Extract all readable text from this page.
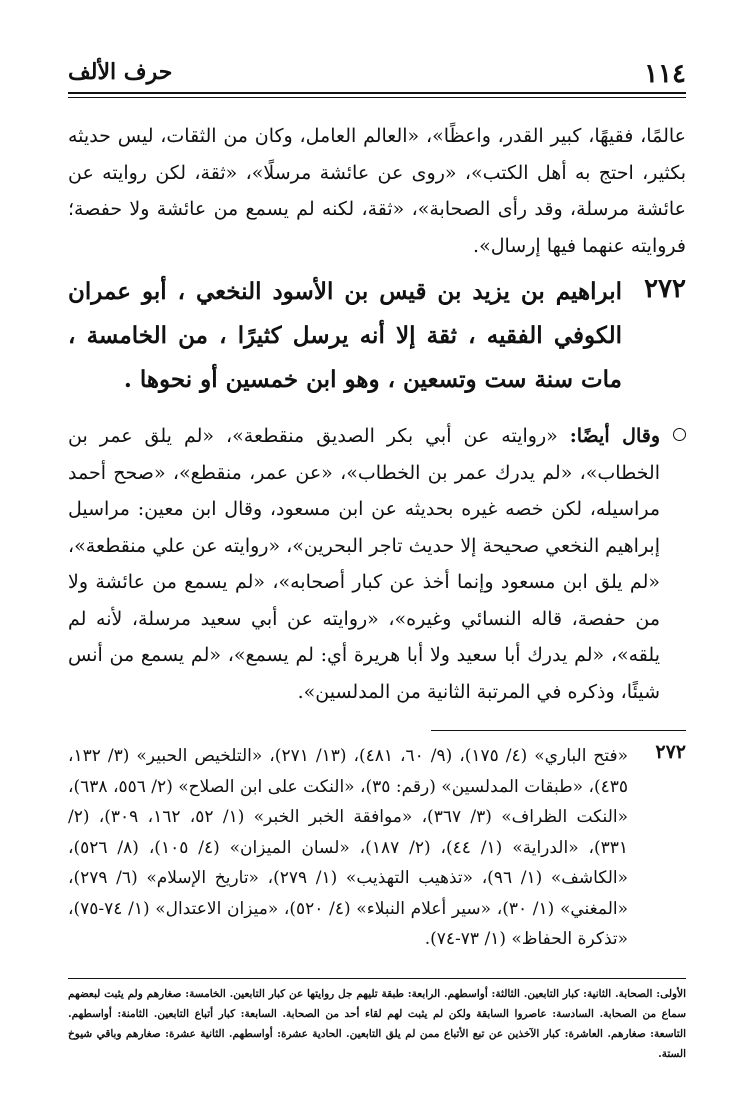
١١٤
حرف الألف
عالمًا، فقيهًا، كبير القدر، واعظًا»، «العالم العامل، وكان من الثقات، ليس حديثه بكثير، احتج به أهل الكتب»، «روى عن عائشة مرسلًا»، «ثقة، لكن روايته عن عائشة مرسلة، وقد رأى الصحابة»، «ثقة، لكنه لم يسمع من عائشة ولا حفصة؛ فروايته عنهما فيها إرسال».
٢٧٢
ابراهيم بن يزيد بن قيس بن الأسود النخعي ، أبو عمران الكوفي الفقيه ، ثقة إلا أنه يرسل كثيرًا ، من الخامسة ، مات سنة ست وتسعين ، وهو ابن خمسين أو نحوها .
وقال أيضًا: «روايته عن أبي بكر الصديق منقطعة»، «لم يلق عمر بن الخطاب»، «لم يدرك عمر بن الخطاب»، «عن عمر، منقطع»، «صحح أحمد مراسيله، لكن خصه غيره بحديثه عن ابن مسعود، وقال ابن معين: مراسيل إبراهيم النخعي صحيحة إلا حديث تاجر البحرين»، «روايته عن علي منقطعة»، «لم يلق ابن مسعود وإنما أخذ عن كبار أصحابه»، «لم يسمع من عائشة ولا من حفصة، قاله النسائي وغيره»، «روايته عن أبي سعيد مرسلة، لأنه لم يلقه»، «لم يدرك أبا سعيد ولا أبا هريرة أي: لم يسمع»، «لم يسمع من أنس شيئًا، وذكره في المرتبة الثانية من المدلسين».
٢٧٢
«فتح الباري» (٤/ ١٧٥)، (٩/ ٦٠، ٤٨١)، (١٣/ ٢٧١)، «التلخيص الحبير» (٣/ ١٣٢، ٤٣٥)، «طبقات المدلسين» (رقم: ٣٥)، «النكت على ابن الصلاح» (٢/ ٥٥٦، ٦٣٨)، «النكت الظراف» (٣/ ٣٦٧)، «موافقة الخبر الخبر» (١/ ٥٢، ١٦٢، ٣٠٩)، (٢/ ٣٣١)، «الدراية» (١/ ٤٤)، (٢/ ١٨٧)، «لسان الميزان» (٤/ ١٠٥)، (٨/ ٥٢٦)، «الكاشف» (١/ ٩٦)، «تذهيب التهذيب» (١/ ٢٧٩)، «تاريخ الإسلام» (٦/ ٢٧٩)، «المغني» (١/ ٣٠)، «سير أعلام النبلاء» (٤/ ٥٢٠)، «ميزان الاعتدال» (١/ ٧٤-٧٥)، «تذكرة الحفاظ» (١/ ٧٣-٧٤).
الأولى: الصحابة. الثانية: كبار التابعين. الثالثة: أواسطهم. الرابعة: طبقة تليهم جل روايتها عن كبار التابعين. الخامسة: صغارهم ولم يثبت لبعضهم سماع من الصحابة. السادسة: عاصروا السابقة ولكن لم يثبت لهم لقاء أحد من الصحابة. السابعة: كبار أتباع التابعين. الثامنة: أواسطهم. التاسعة: صغارهم. العاشرة: كبار الآخذين عن تبع الأتباع ممن لم يلق التابعين. الحادية عشرة: أواسطهم. الثانية عشرة: صغارهم وباقي شيوخ الستة.
